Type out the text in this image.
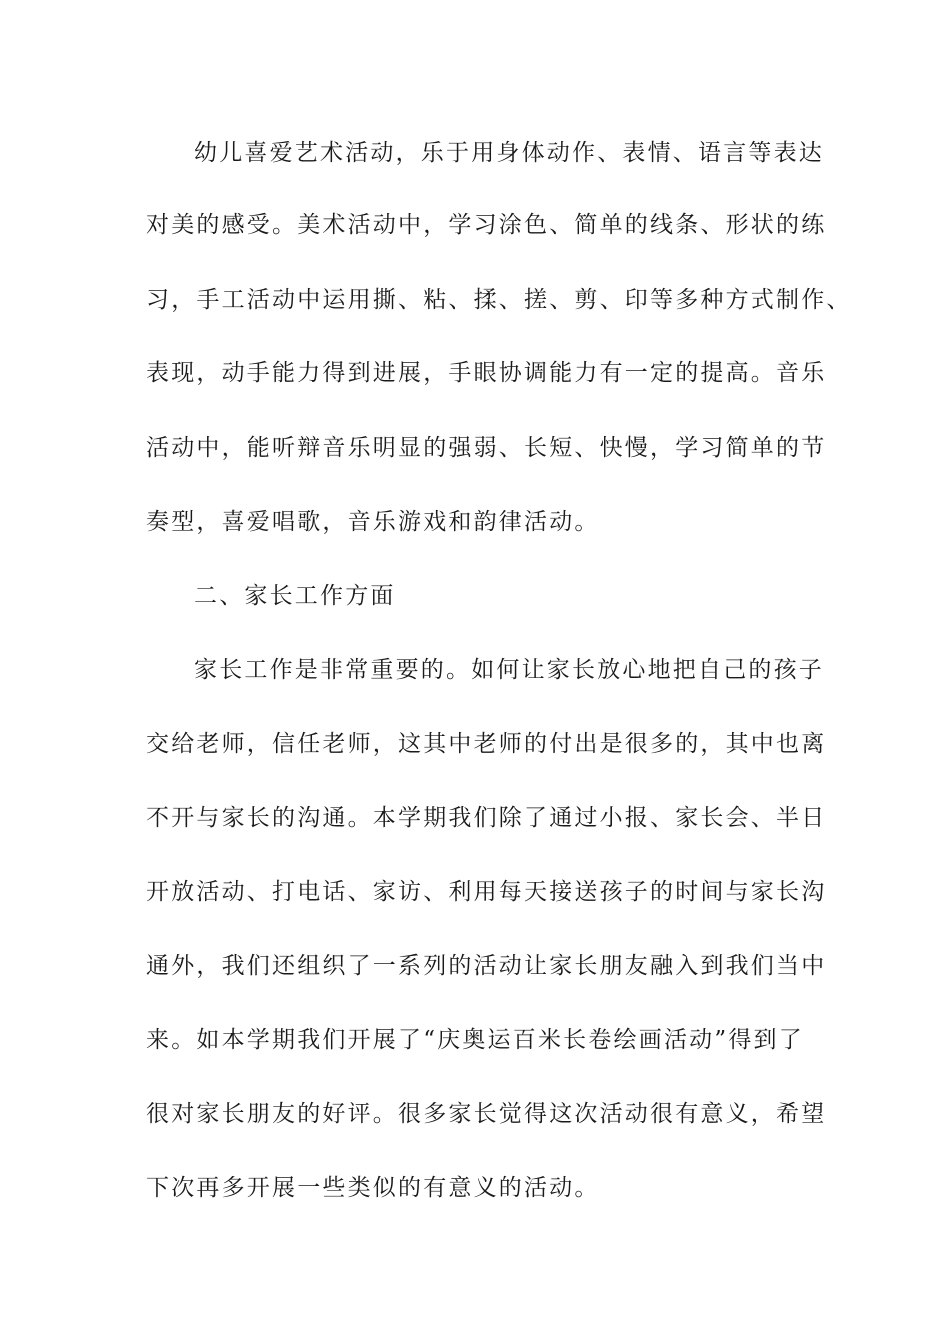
幼儿喜爱艺术活动，乐于用身体动作、表情、语言等表达
对美的感受。美术活动中，学习涂色、简单的线条、形状的练
习，手工活动中运用撕、粘、揉、搓、剪、印等多种方式制作、
表现，动手能力得到进展，手眼协调能力有一定的提高。音乐
活动中，能听辩音乐明显的强弱、长短、快慢，学习简单的节
奏型，喜爱唱歌，音乐游戏和韵律活动。
二、家长工作方面
家长工作是非常重要的。如何让家长放心地把自己的孩子
交给老师，信任老师，这其中老师的付出是很多的，其中也离
不开与家长的沟通。本学期我们除了通过小报、家长会、半日
开放活动、打电话、家访、利用每天接送孩子的时间与家长沟
通外，我们还组织了一系列的活动让家长朋友融入到我们当中
来。如本学期我们开展了“庆奥运百米长卷绘画活动”得到了
很对家长朋友的好评。很多家长觉得这次活动很有意义，希望
下次再多开展一些类似的有意义的活动。
